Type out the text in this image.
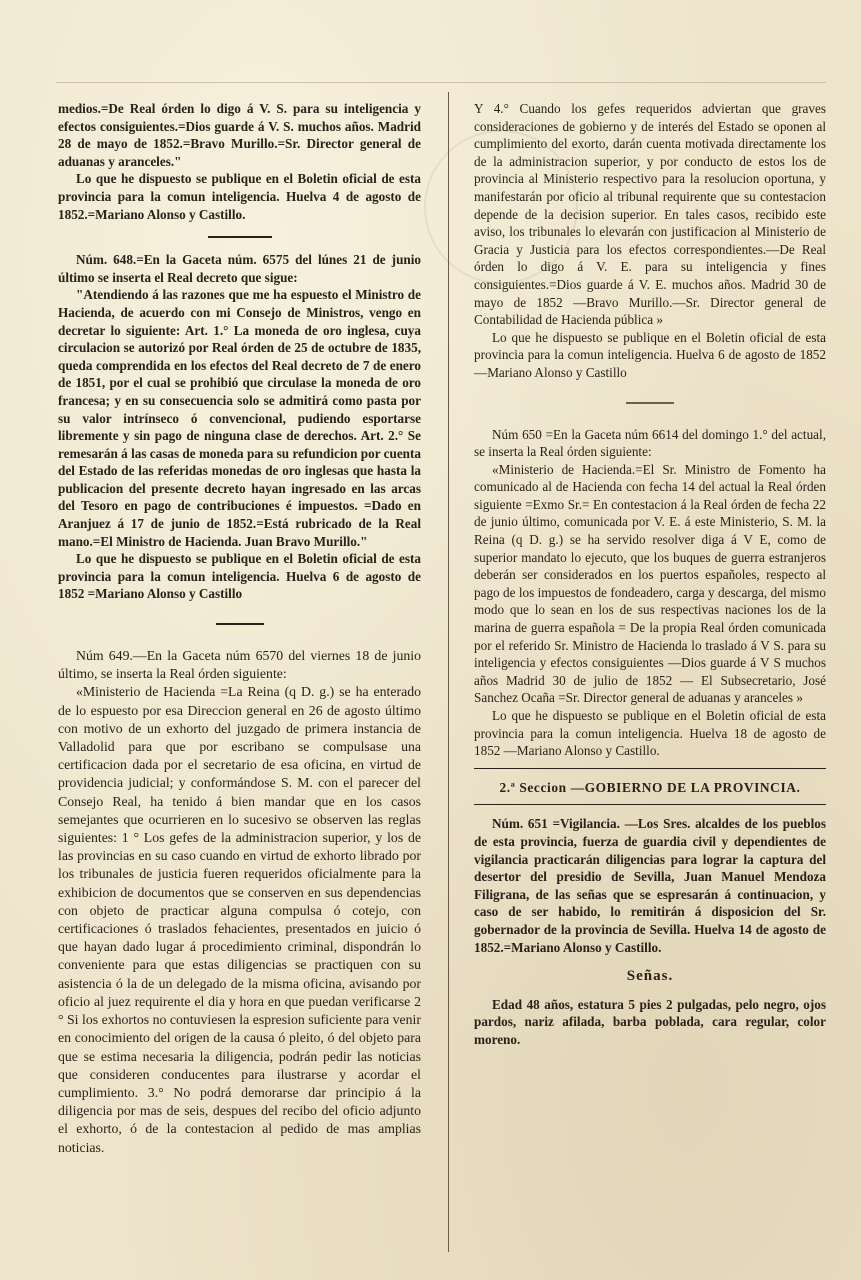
medios.=De Real órden lo digo á V. S. para su inteligencia y efectos consiguientes.=Dios guarde á V. S. muchos años. Madrid 28 de mayo de 1852.=Bravo Murillo.=Sr. Director general de aduanas y aranceles."

Lo que he dispuesto se publique en el Boletin oficial de esta provincia para la comun inteligencia. Huelva 4 de agosto de 1852.=Mariano Alonso y Castillo.

Núm. 648.=En la Gaceta núm. 6575 del lúnes 21 de junio último se inserta el Real decreto que sigue:

"Atendiendo á las razones que me ha espuesto el Ministro de Hacienda, de acuerdo con mi Consejo de Ministros, vengo en decretar lo siguiente: Art. 1.° La moneda de oro inglesa, cuya circulacion se autorizó por Real órden de 25 de octubre de 1835, queda comprendida en los efectos del Real decreto de 7 de enero de 1851, por el cual se prohibió que circulase la moneda de oro francesa; y en su consecuencia solo se admitirá como pasta por su valor intrínseco ó convencional, pudiendo esportarse libremente y sin pago de ninguna clase de derechos. Art. 2.° Se remesarán á las casas de moneda para su refundicion por cuenta del Estado de las referidas monedas de oro inglesas que hasta la publicacion del presente decreto hayan ingresado en las arcas del Tesoro en pago de contribuciones é impuestos. =Dado en Aranjuez á 17 de junio de 1852.=Está rubricado de la Real mano.=El Ministro de Hacienda. Juan Bravo Murillo."

Lo que he dispuesto se publique en el Boletin oficial de esta provincia para la comun inteligencia. Huelva 6 de agosto de 1852 =Mariano Alonso y Castillo

Núm 649.—En la Gaceta núm 6570 del viernes 18 de junio último, se inserta la Real órden siguiente:

«Ministerio de Hacienda =La Reina (q D. g.) se ha enterado de lo espuesto por esa Direccion general en 26 de agosto último con motivo de un exhorto del juzgado de primera instancia de Valladolid para que por escribano se compulsase una certificacion dada por el secretario de esa oficina, en virtud de providencia judicial; y conformándose S. M. con el parecer del Consejo Real, ha tenido á bien mandar que en los casos semejantes que ocurrieren en lo sucesivo se observen las reglas siguientes: 1 ° Los gefes de la administracion superior, y los de las provincias en su caso cuando en virtud de exhorto librado por los tribunales de justicia fueren requeridos oficialmente para la exhibicion de documentos que se conserven en sus dependencias con objeto de practicar alguna compulsa ó cotejo, con certificaciones ó traslados fehacientes, presentados en juicio ó que hayan dado lugar á procedimiento criminal, dispondrán lo conveniente para que estas diligencias se practiquen con su asistencia ó la de un delegado de la misma oficina, avisando por oficio al juez requirente el dia y hora en que puedan verificarse 2 ° Si los exhortos no contuviesen la espresion suficiente para venir en conocimiento del origen de la causa ó pleito, ó del objeto para que se estima necesaria la diligencia, podrán pedir las noticias que consideren conducentes para ilustrarse y acordar el cumplimiento. 3.° No podrá demorarse dar principio á la diligencia por mas de seis, despues del recibo del oficio adjunto el exhorto, ó de la contestacion al pedido de mas amplias noticias.

Y 4.° Cuando los gefes requeridos adviertan que graves consideraciones de gobierno y de interés del Estado se oponen al cumplimiento del exorto, darán cuenta motivada directamente los de la administracion superior, y por conducto de estos los de provincia al Ministerio respectivo para la resolucion oportuna, y manifestarán por oficio al tribunal requirente que su contestacion depende de la decision superior. En tales casos, recibido este aviso, los tribunales lo elevarán con justificacion al Ministerio de Gracia y Justicia para los efectos correspondientes.—De Real órden lo digo á V. E. para su inteligencia y fines consiguientes.=Dios guarde á V. E. muchos años. Madrid 30 de mayo de 1852 —Bravo Murillo.—Sr. Director general de Contabilidad de Hacienda pública »

Lo que he dispuesto se publique en el Boletin oficial de esta provincia para la comun inteligencia. Huelva 6 de agosto de 1852 —Mariano Alonso y Castillo

Núm 650 =En la Gaceta núm 6614 del domingo 1.° del actual, se inserta la Real órden siguiente:

«Ministerio de Hacienda.=El Sr. Ministro de Fomento ha comunicado al de Hacienda con fecha 14 del actual la Real órden siguiente =Exmo Sr.= En contestacion á la Real órden de fecha 22 de junio último, comunicada por V. E. á este Ministerio, S. M. la Reina (q D. g.) se ha servido resolver diga á V E, como de superior mandato lo ejecuto, que los buques de guerra estranjeros deberán ser considerados en los puertos españoles, respecto al pago de los impuestos de fondeadero, carga y descarga, del mismo modo que lo sean en los de sus respectivas naciones los de la marina de guerra española = De la propia Real órden comunicada por el referido Sr. Ministro de Hacienda lo traslado á V S. para su inteligencia y efectos consiguientes —Dios guarde á V S muchos años Madrid 30 de julio de 1852 — El Subsecretario, José Sanchez Ocaña =Sr. Director general de aduanas y aranceles »

Lo que he dispuesto se publique en el Boletin oficial de esta provincia para la comun inteligencia. Huelva 18 de agosto de 1852 —Mariano Alonso y Castillo.

2.ª Seccion —GOBIERNO DE LA PROVINCIA.

Núm. 651 =Vigilancia. —Los Sres. alcaldes de los pueblos de esta provincia, fuerza de guardia civil y dependientes de vigilancia practicarán diligencias para lograr la captura del desertor del presidio de Sevilla, Juan Manuel Mendoza Filigrana, de las señas que se espresarán á continuacion, y caso de ser habido, lo remitirán á disposicion del Sr. gobernador de la provincia de Sevilla. Huelva 14 de agosto de 1852.=Mariano Alonso y Castillo.

Señas.

Edad 48 años, estatura 5 pies 2 pulgadas, pelo negro, ojos pardos, nariz afilada, barba poblada, cara regular, color moreno.
